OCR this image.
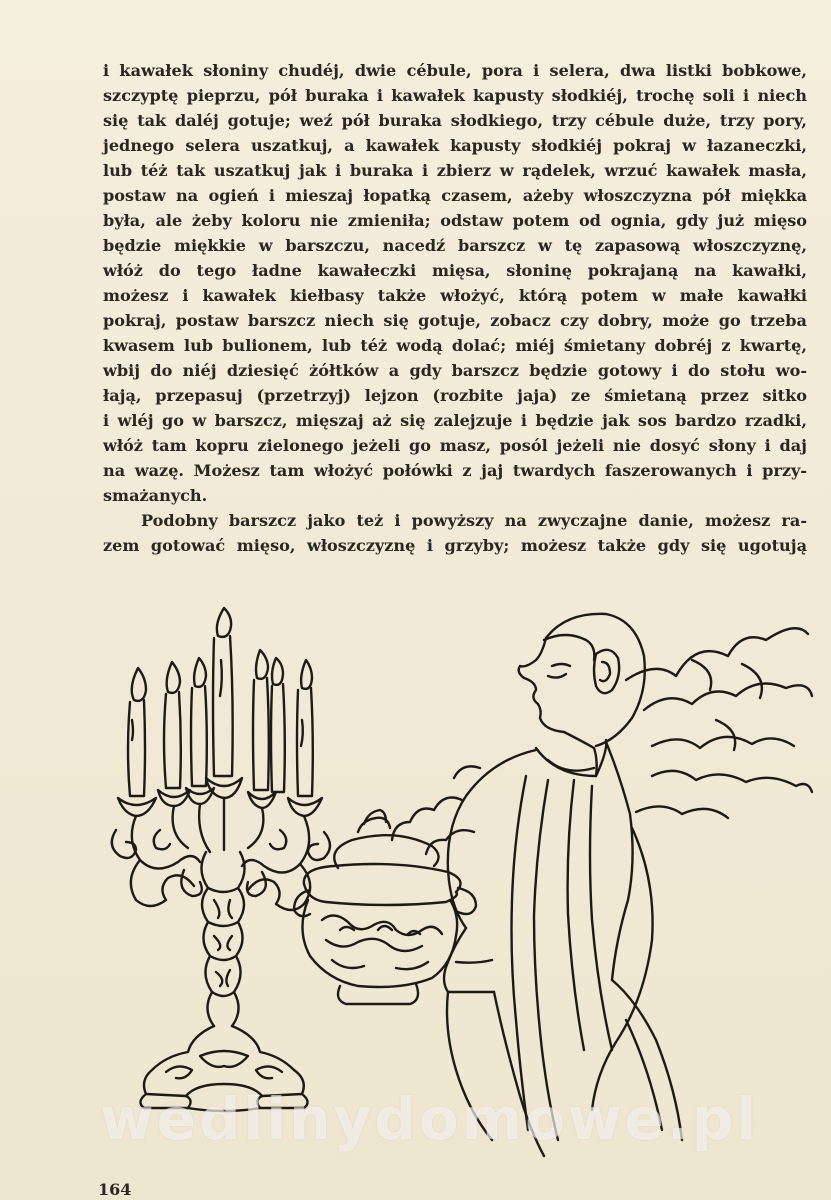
i kawałek słoniny chudéj, dwie cébule, pora i selera, dwa listki bobkowe,
szczyptę pieprzu, pół buraka i kawałek kapusty słodkiéj, trochę soli i niech
się tak daléj gotuje; weź pół buraka słodkiego, trzy cébule duże, trzy pory,
jednego selera uszatkuj, a kawałek kapusty słodkiéj pokraj w łazaneczki,
lub téż tak uszatkuj jak i buraka i zbierz w rądelek, wrzuć kawałek masła,
postaw na ogień i mieszaj łopatką czasem, ażeby włoszczyzna pół miękka
była, ale żeby koloru nie zmieniła; odstaw potem od ognia, gdy już mięso
będzie miękkie w barszczu, nacedź barszcz w tę zapasową włoszczyznę,
włóż do tego ładne kawałeczki mięsa, słoninę pokrajaną na kawałki,
możesz i kawałek kiełbasy także włożyć, którą potem w małe kawałki
pokraj, postaw barszcz niech się gotuje, zobacz czy dobry, może go trzeba
kwasem lub bulionem, lub téż wodą dolać; miéj śmietany dobréj z kwartę,
wbij do niéj dziesięć żółtków a gdy barszcz będzie gotowy i do stołu wo-
łają, przepasuj (przetrzyj) lejzon (rozbite jaja) ze śmietaną przez sitko
i wléj go w barszcz, mięszaj aż się zalejzuje i będzie jak sos bardzo rzadki,
włóż tam kopru zielonego jeżeli go masz, posól jeżeli nie dosyć słony i daj
na wazę. Możesz tam włożyć połówki z jaj twardych faszerowanych i przy-
smażanych.
Podobny barszcz jako też i powyższy na zwyczajne danie, możesz ra-
zem gotować mięso, włoszczyznę i grzyby; możesz także gdy się ugotują
wedlinydomowe.pl
164
